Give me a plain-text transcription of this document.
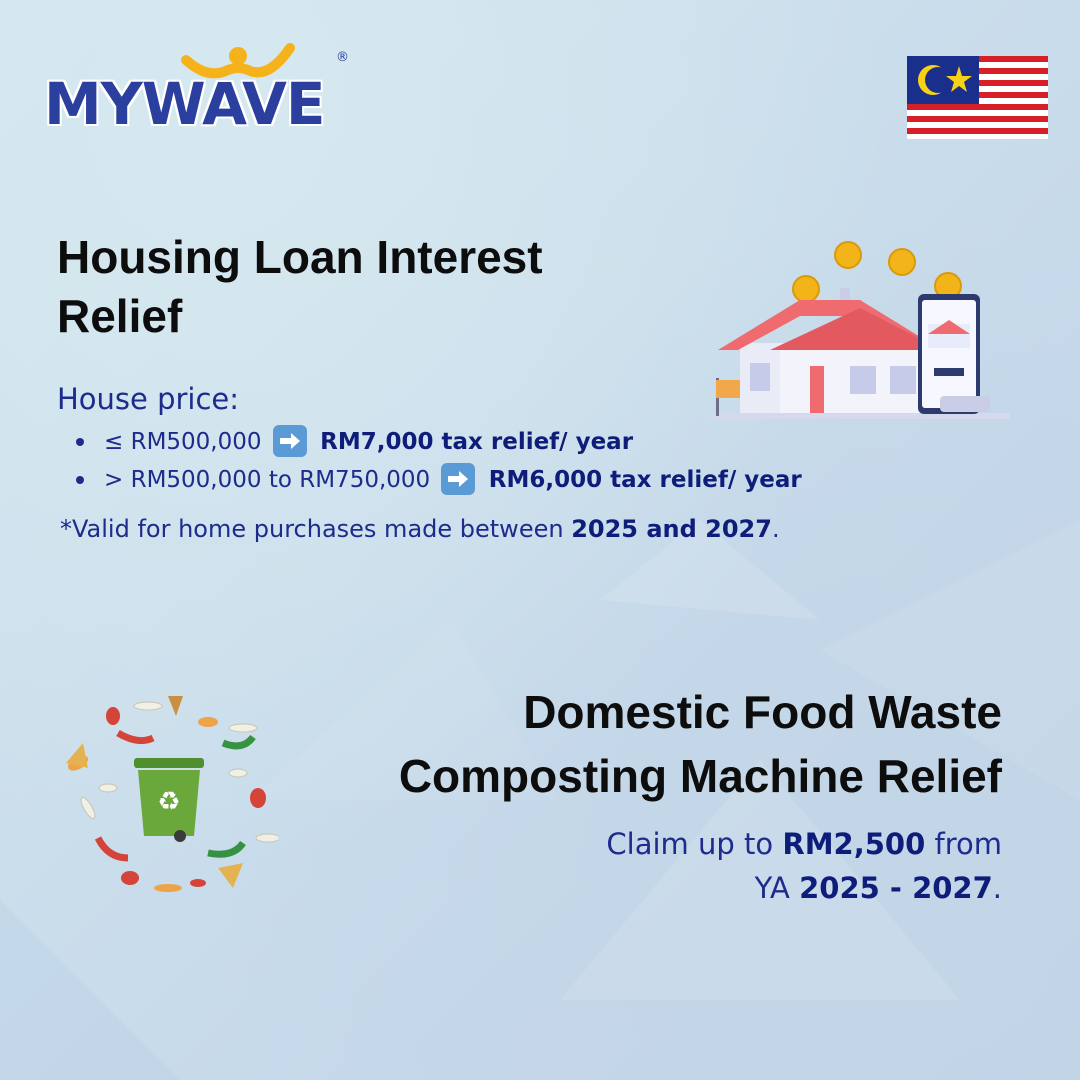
MYWAVE
®
Housing Loan Interest Relief
House price:
≤ RM500,000	RM7,000 tax relief/ year
> RM500,000 to RM750,000	RM6,000 tax relief/ year
*Valid for home purchases made between 2025 and 2027.
Domestic Food Waste
Composting Machine Relief
Claim up to RM2,500 from
YA 2025 - 2027.
♻
